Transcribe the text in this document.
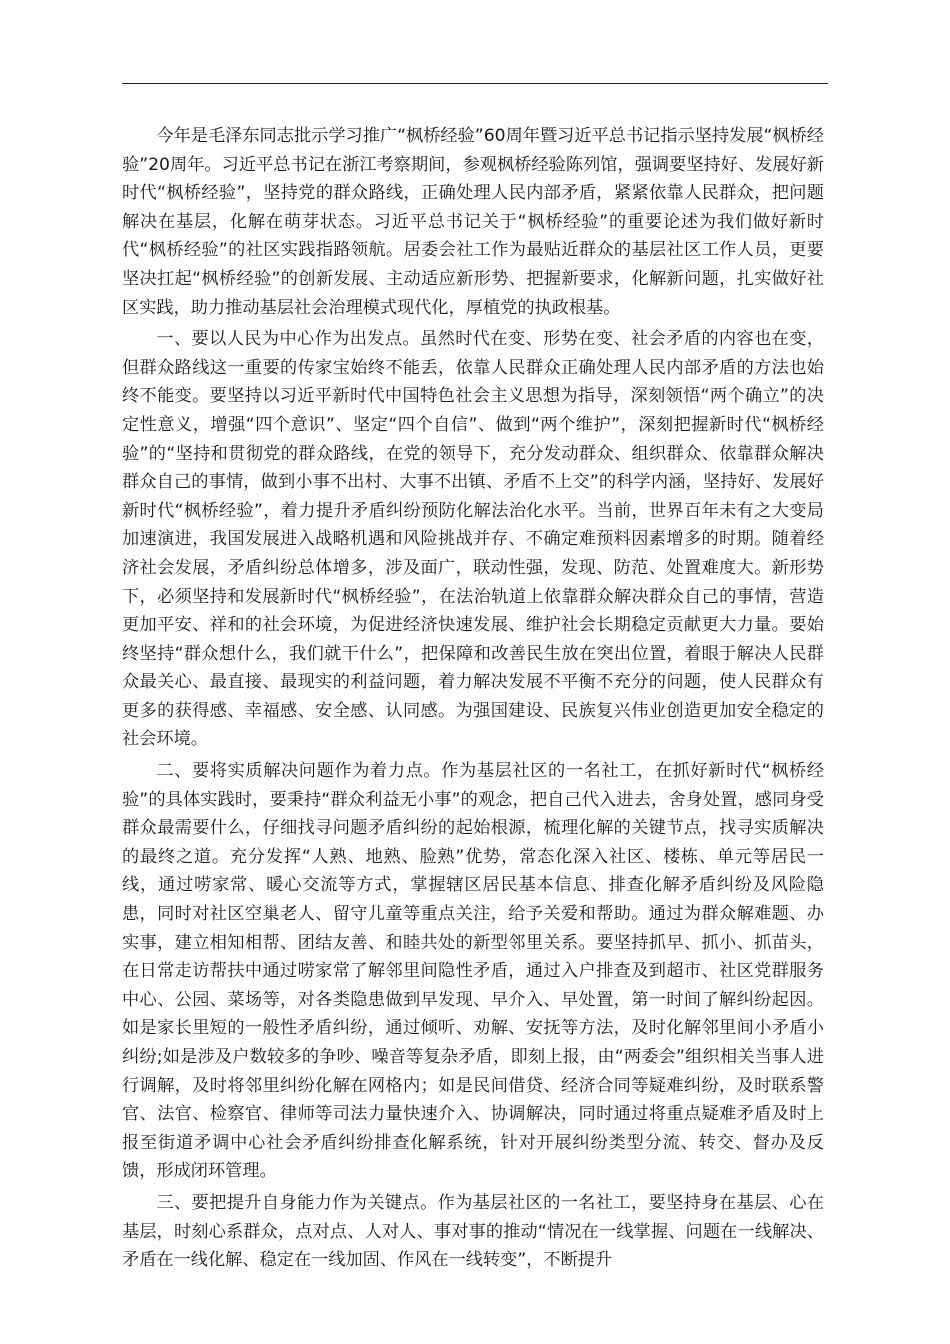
今年是毛泽东同志批示学习推广“枫桥经验”60周年暨习近平总书记指示坚持发展“枫桥经验”20周年。习近平总书记在浙江考察期间，参观枫桥经验陈列馆，强调要坚持好、发展好新时代“枫桥经验”，坚持党的群众路线，正确处理人民内部矛盾，紧紧依靠人民群众，把问题解决在基层，化解在萌芽状态。习近平总书记关于“枫桥经验”的重要论述为我们做好新时代“枫桥经验”的社区实践指路领航。居委会社工作为最贴近群众的基层社区工作人员，更要坚决扛起“枫桥经验”的创新发展、主动适应新形势、把握新要求，化解新问题，扎实做好社区实践，助力推动基层社会治理模式现代化，厚植党的执政根基。

一、要以人民为中心作为出发点。虽然时代在变、形势在变、社会矛盾的内容也在变，但群众路线这一重要的传家宝始终不能丢，依靠人民群众正确处理人民内部矛盾的方法也始终不能变。要坚持以习近平新时代中国特色社会主义思想为指导，深刻领悟“两个确立”的决定性意义，增强“四个意识”、坚定“四个自信”、做到“两个维护”，深刻把握新时代“枫桥经验”的“坚持和贯彻党的群众路线，在党的领导下，充分发动群众、组织群众、依靠群众解决群众自己的事情，做到小事不出村、大事不出镇、矛盾不上交”的科学内涵，坚持好、发展好新时代“枫桥经验”，着力提升矛盾纠纷预防化解法治化水平。当前，世界百年未有之大变局加速演进，我国发展进入战略机遇和风险挑战并存、不确定难预料因素增多的时期。随着经济社会发展，矛盾纠纷总体增多，涉及面广，联动性强，发现、防范、处置难度大。新形势下，必须坚持和发展新时代“枫桥经验”，在法治轨道上依靠群众解决群众自己的事情，营造更加平安、祥和的社会环境，为促进经济快速发展、维护社会长期稳定贡献更大力量。要始终坚持“群众想什么，我们就干什么”，把保障和改善民生放在突出位置，着眼于解决人民群众最关心、最直接、最现实的利益问题，着力解决发展不平衡不充分的问题，使人民群众有更多的获得感、幸福感、安全感、认同感。为强国建设、民族复兴伟业创造更加安全稳定的社会环境。

二、要将实质解决问题作为着力点。作为基层社区的一名社工，在抓好新时代“枫桥经验”的具体实践时，要秉持“群众利益无小事”的观念，把自己代入进去，舍身处置，感同身受群众最需要什么，仔细找寻问题矛盾纠纷的起始根源，梳理化解的关键节点，找寻实质解决的最终之道。充分发挥“人熟、地熟、脸熟”优势，常态化深入社区、楼栋、单元等居民一线，通过唠家常、暖心交流等方式，掌握辖区居民基本信息、排查化解矛盾纠纷及风险隐患，同时对社区空巢老人、留守儿童等重点关注，给予关爱和帮助。通过为群众解难题、办实事，建立相知相帮、团结友善、和睦共处的新型邻里关系。要坚持抓早、抓小、抓苗头，在日常走访帮扶中通过唠家常了解邻里间隐性矛盾，通过入户排查及到超市、社区党群服务中心、公园、菜场等，对各类隐患做到早发现、早介入、早处置，第一时间了解纠纷起因。如是家长里短的一般性矛盾纠纷，通过倾听、劝解、安抚等方法，及时化解邻里间小矛盾小纠纷;如是涉及户数较多的争吵、噪音等复杂矛盾，即刻上报，由“两委会”组织相关当事人进行调解，及时将邻里纠纷化解在网格内；如是民间借贷、经济合同等疑难纠纷，及时联系警官、法官、检察官、律师等司法力量快速介入、协调解决，同时通过将重点疑难矛盾及时上报至街道矛调中心社会矛盾纠纷排查化解系统，针对开展纠纷类型分流、转交、督办及反馈，形成闭环管理。

三、要把提升自身能力作为关键点。作为基层社区的一名社工，要坚持身在基层、心在基层，时刻心系群众，点对点、人对人、事对事的推动“情况在一线掌握、问题在一线解决、矛盾在一线化解、稳定在一线加固、作风在一线转变”，不断提升
